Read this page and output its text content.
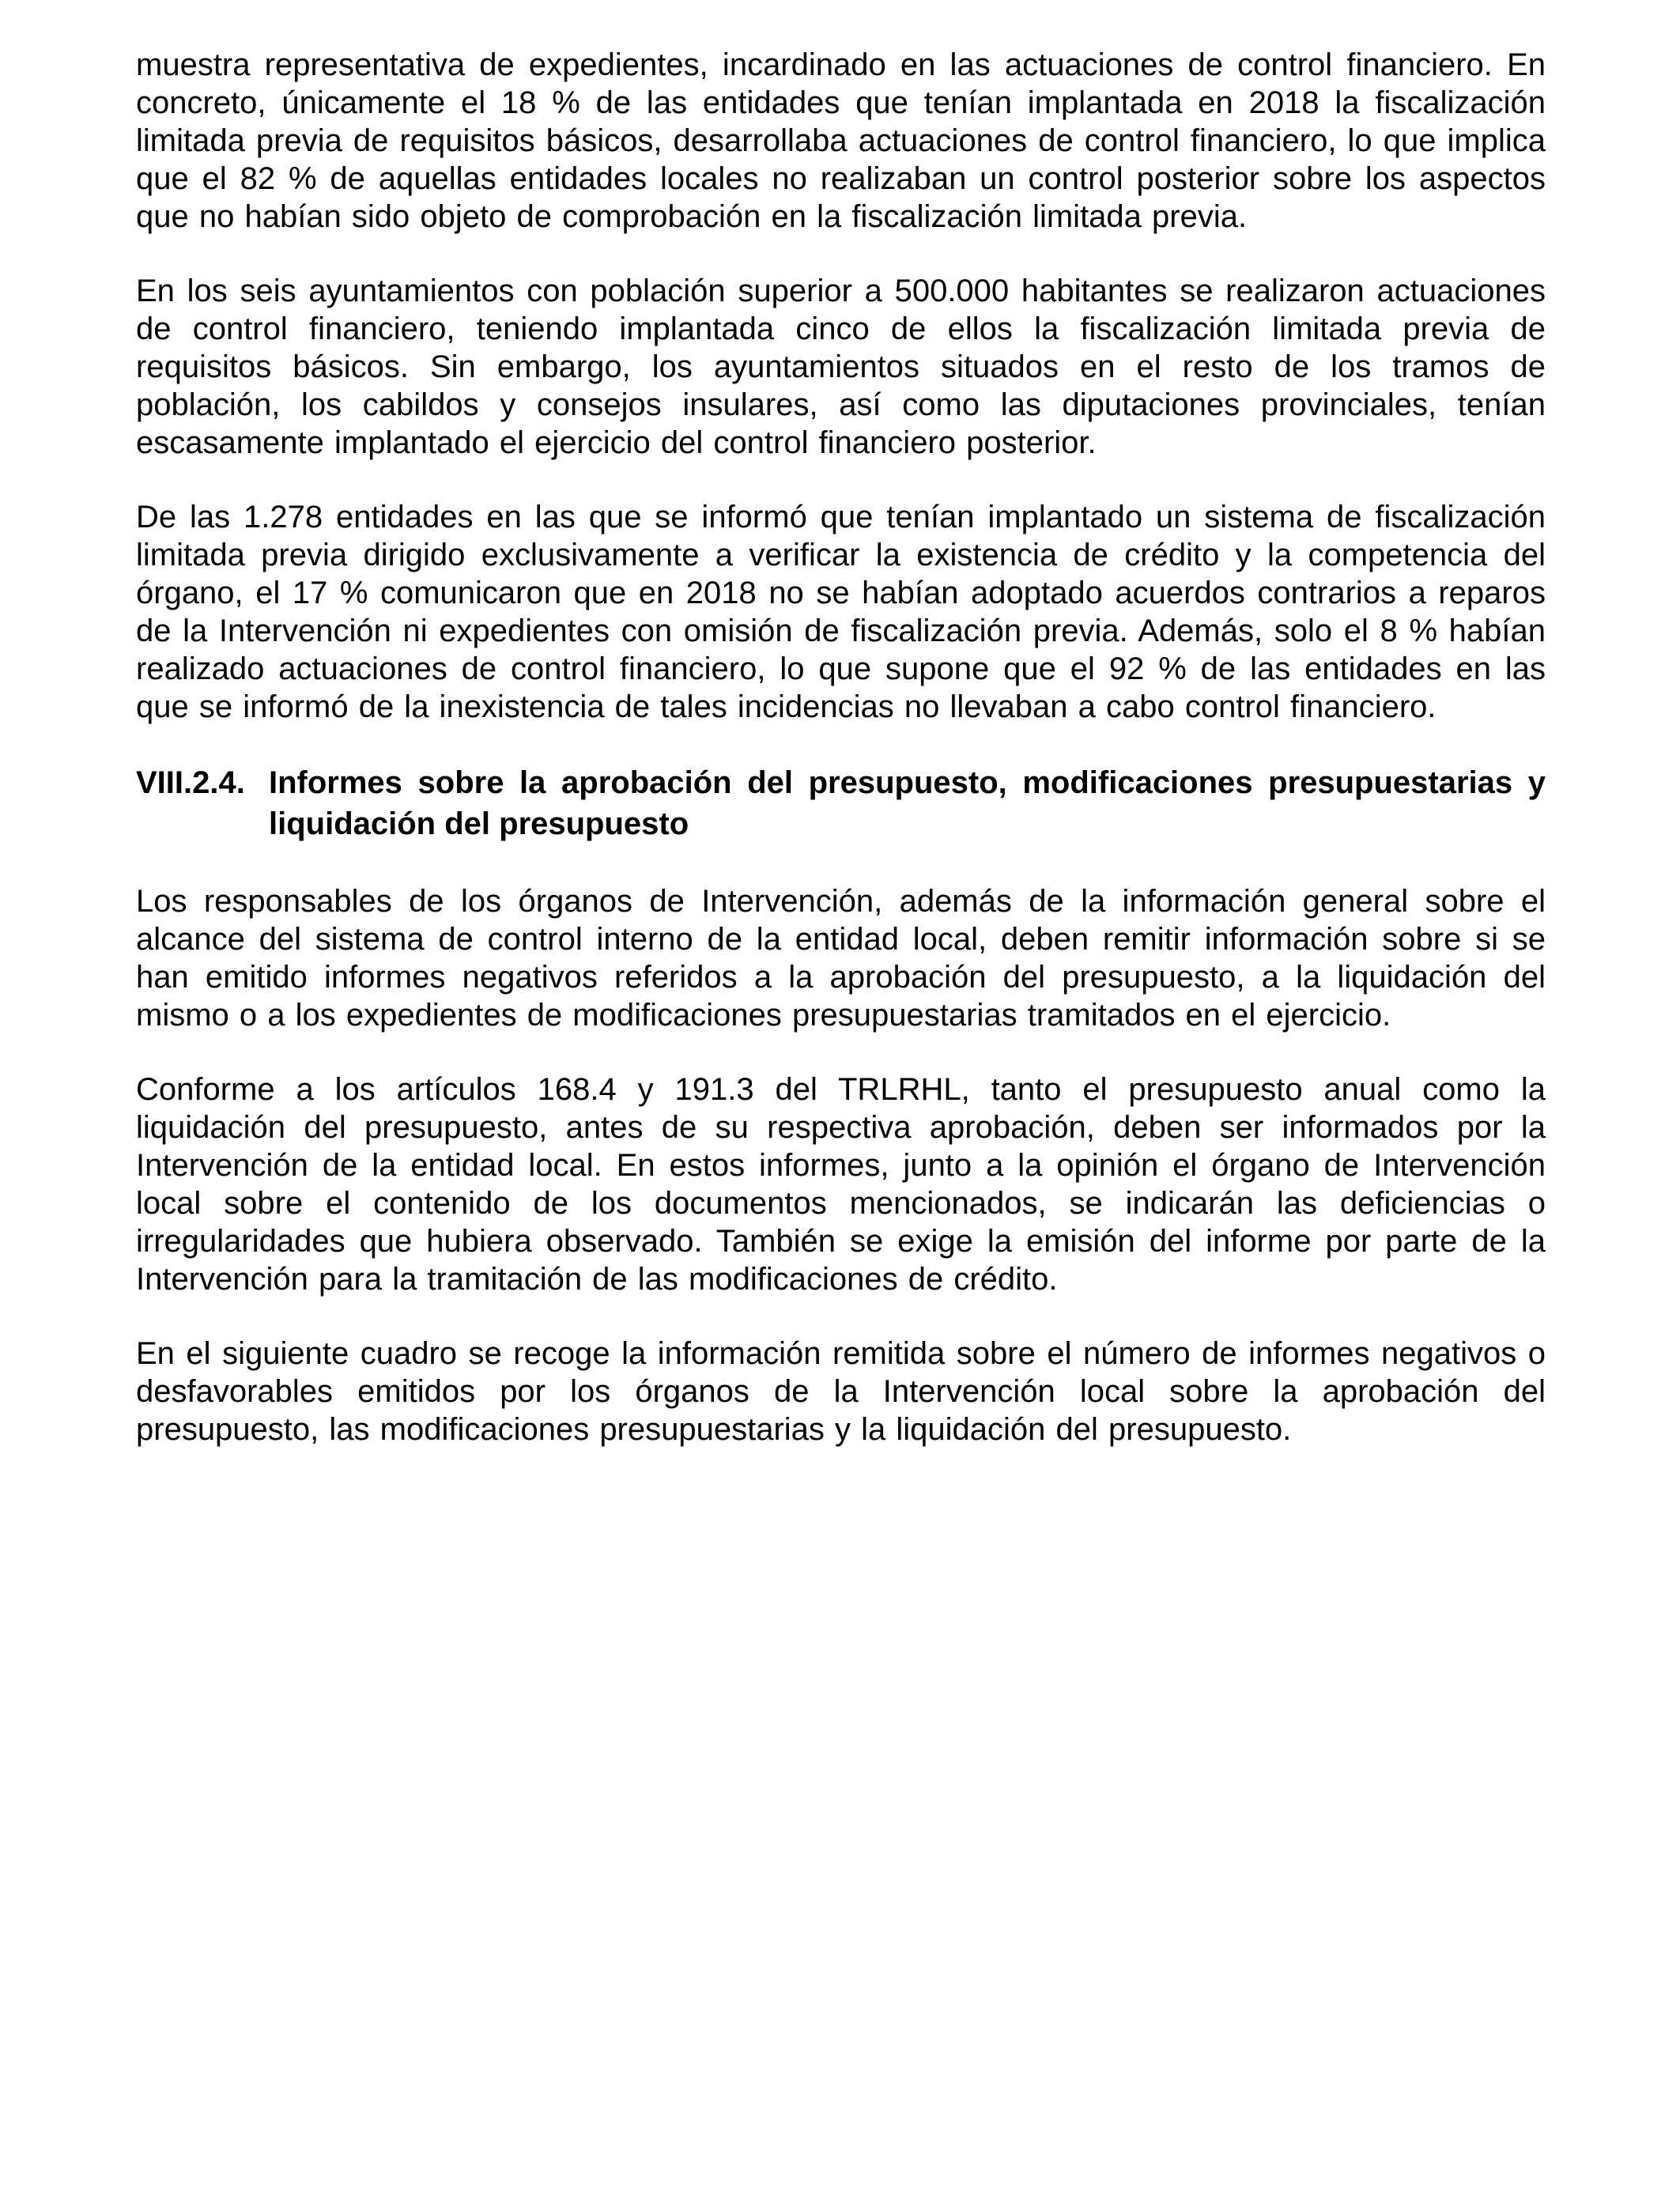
muestra representativa de expedientes, incardinado en las actuaciones de control financiero. En concreto, únicamente el 18 % de las entidades que tenían implantada en 2018 la fiscalización limitada previa de requisitos básicos, desarrollaba actuaciones de control financiero, lo que implica que el 82 % de aquellas entidades locales no realizaban un control posterior sobre los aspectos que no habían sido objeto de comprobación en la fiscalización limitada previa.

En los seis ayuntamientos con población superior a 500.000 habitantes se realizaron actuaciones de control financiero, teniendo implantada cinco de ellos la fiscalización limitada previa de requisitos básicos. Sin embargo, los ayuntamientos situados en el resto de los tramos de población, los cabildos y consejos insulares, así como las diputaciones provinciales, tenían escasamente implantado el ejercicio del control financiero posterior.

De las 1.278 entidades en las que se informó que tenían implantado un sistema de fiscalización limitada previa dirigido exclusivamente a verificar la existencia de crédito y la competencia del órgano, el 17 % comunicaron que en 2018 no se habían adoptado acuerdos contrarios a reparos de la Intervención ni expedientes con omisión de fiscalización previa. Además, solo el 8 % habían realizado actuaciones de control financiero, lo que supone que el 92 % de las entidades en las que se informó de la inexistencia de tales incidencias no llevaban a cabo control financiero.

VIII.2.4. Informes sobre la aprobación del presupuesto, modificaciones presupuestarias y liquidación del presupuesto

Los responsables de los órganos de Intervención, además de la información general sobre el alcance del sistema de control interno de la entidad local, deben remitir información sobre si se han emitido informes negativos referidos a la aprobación del presupuesto, a la liquidación del mismo o a los expedientes de modificaciones presupuestarias tramitados en el ejercicio.

Conforme a los artículos 168.4 y 191.3 del TRLRHL, tanto el presupuesto anual como la liquidación del presupuesto, antes de su respectiva aprobación, deben ser informados por la Intervención de la entidad local. En estos informes, junto a la opinión el órgano de Intervención local sobre el contenido de los documentos mencionados, se indicarán las deficiencias o irregularidades que hubiera observado. También se exige la emisión del informe por parte de la Intervención para la tramitación de las modificaciones de crédito.

En el siguiente cuadro se recoge la información remitida sobre el número de informes negativos o desfavorables emitidos por los órganos de la Intervención local sobre la aprobación del presupuesto, las modificaciones presupuestarias y la liquidación del presupuesto.
